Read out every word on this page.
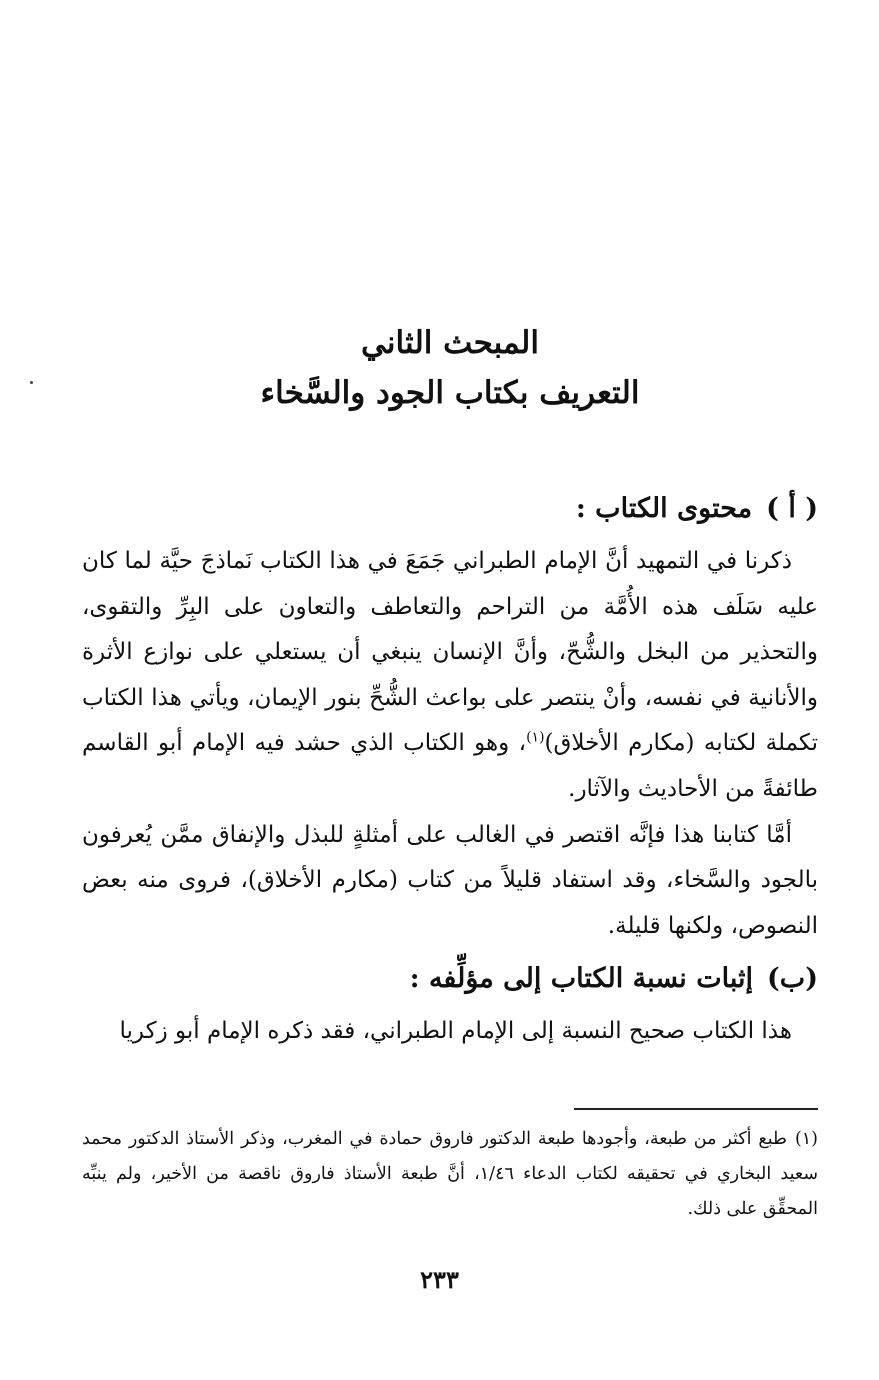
المبحث الثاني

التعريف بكتاب الجود والسَّخاء

( أ )محتوى الكتاب :

ذكرنا في التمهيد أنَّ الإمام الطبراني جَمَعَ في هذا الكتاب نَماذجَ حيَّة لما كان عليه سَلَف هذه الأُمَّة من التراحم والتعاطف والتعاون على البِرِّ والتقوى، والتحذير من البخل والشُّحّ، وأنَّ الإنسان ينبغي أن يستعلي على نوازع الأثرة والأنانية في نفسه، وأنْ ينتصر على بواعث الشُّحِّ بنور الإيمان، ويأتي هذا الكتاب تكملة لكتابه (مكارم الأخلاق)$^{(١)}$، وهو الكتاب الذي حشد فيه الإمام أبو القاسم طائفةً من الأحاديث والآثار.

أمَّا كتابنا هذا فإنَّه اقتصر في الغالب على أمثلةٍ للبذل والإنفاق ممَّن يُعرفون بالجود والسَّخاء، وقد استفاد قليلاً من كتاب (مكارم الأخلاق)، فروى منه بعض النصوص، ولكنها قليلة.

(ب)إثبات نسبة الكتاب إلى مؤلِّفه :

هذا الكتاب صحيح النسبة إلى الإمام الطبراني، فقد ذكره الإمام أبو زكريا

(١)طبع أكثر من طبعة، وأجودها طبعة الدكتور فاروق حمادة في المغرب، وذكر الأستاذ الدكتور محمد سعيد البخاري في تحقيقه لكتاب الدعاء ١/٤٦، أنَّ طبعة الأستاذ فاروق ناقصة من الأخير، ولم ينبِّه المحقِّق على ذلك.

٢٣٣
